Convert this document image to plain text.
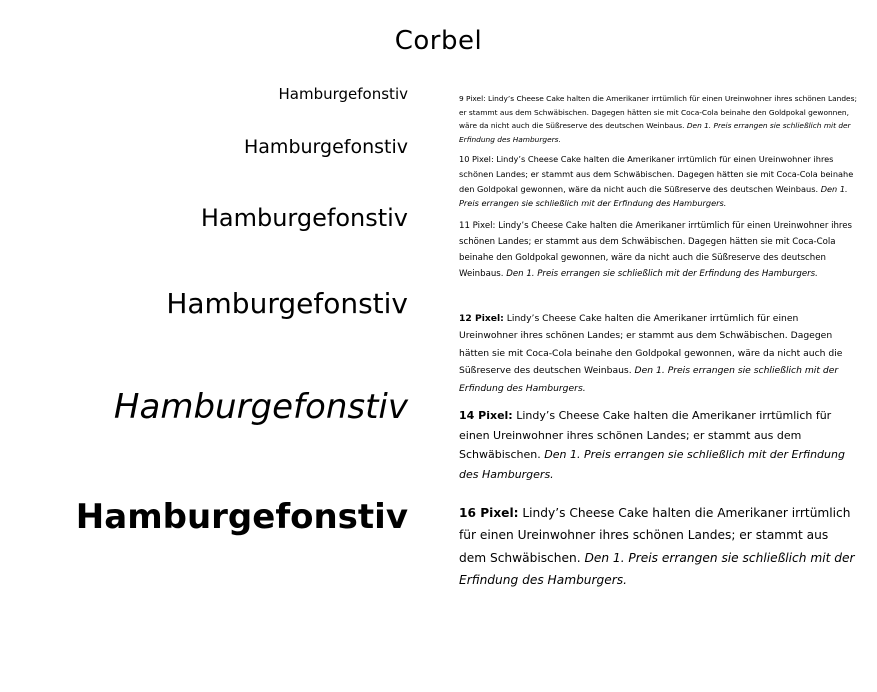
Corbel
Hamburgefonstiv
Hamburgefonstiv
Hamburgefonstiv
Hamburgefonstiv
Hamburgefonstiv
Hamburgefonstiv

9 Pixel: Lindy’s Cheese Cake halten die Amerikaner irrtümlich für einen Ureinwohner ihres schönen Landes; er stammt aus dem Schwäbischen. Dagegen hätten sie mit Coca-Cola beinahe den Goldpokal gewonnen, wäre da nicht auch die Süßreserve des deutschen Weinbaus. Den 1. Preis errangen sie schließlich mit der Erfindung des Hamburgers.

10 Pixel: Lindy’s Cheese Cake halten die Amerikaner irrtümlich für einen Ureinwohner ihres schönen Landes; er stammt aus dem Schwäbischen. Dagegen hätten sie mit Coca-Cola beinahe den Goldpokal gewonnen, wäre da nicht auch die Süßreserve des deutschen Weinbaus. Den 1. Preis errangen sie schließlich mit der Erfindung des Hamburgers.

11 Pixel: Lindy’s Cheese Cake halten die Amerikaner irrtümlich für einen Ureinwohner ihres schönen Landes; er stammt aus dem Schwäbischen. Dagegen hätten sie mit Coca-Cola beinahe den Goldpokal gewonnen, wäre da nicht auch die Süßreserve des deutschen Weinbaus. Den 1. Preis errangen sie schließlich mit der Erfindung des Hamburgers.

12 Pixel: Lindy’s Cheese Cake halten die Amerikaner irrtümlich für einen Ureinwohner ihres schönen Landes; er stammt aus dem Schwäbischen. Dagegen hätten sie mit Coca-Cola beinahe den Goldpokal gewonnen, wäre da nicht auch die Süßreserve des deutschen Weinbaus. Den 1. Preis errangen sie schließlich mit der Erfindung des Hamburgers.

14 Pixel: Lindy’s Cheese Cake halten die Amerikaner irrtümlich für einen Ureinwohner ihres schönen Landes; er stammt aus dem Schwäbischen. Den 1. Preis errangen sie schließlich mit der Erfindung des Hamburgers.

16 Pixel: Lindy’s Cheese Cake halten die Amerikaner irrtümlich für einen Ureinwohner ihres schönen Landes; er stammt aus dem Schwäbischen. Den 1. Preis errangen sie schließlich mit der Erfindung des Hamburgers.
